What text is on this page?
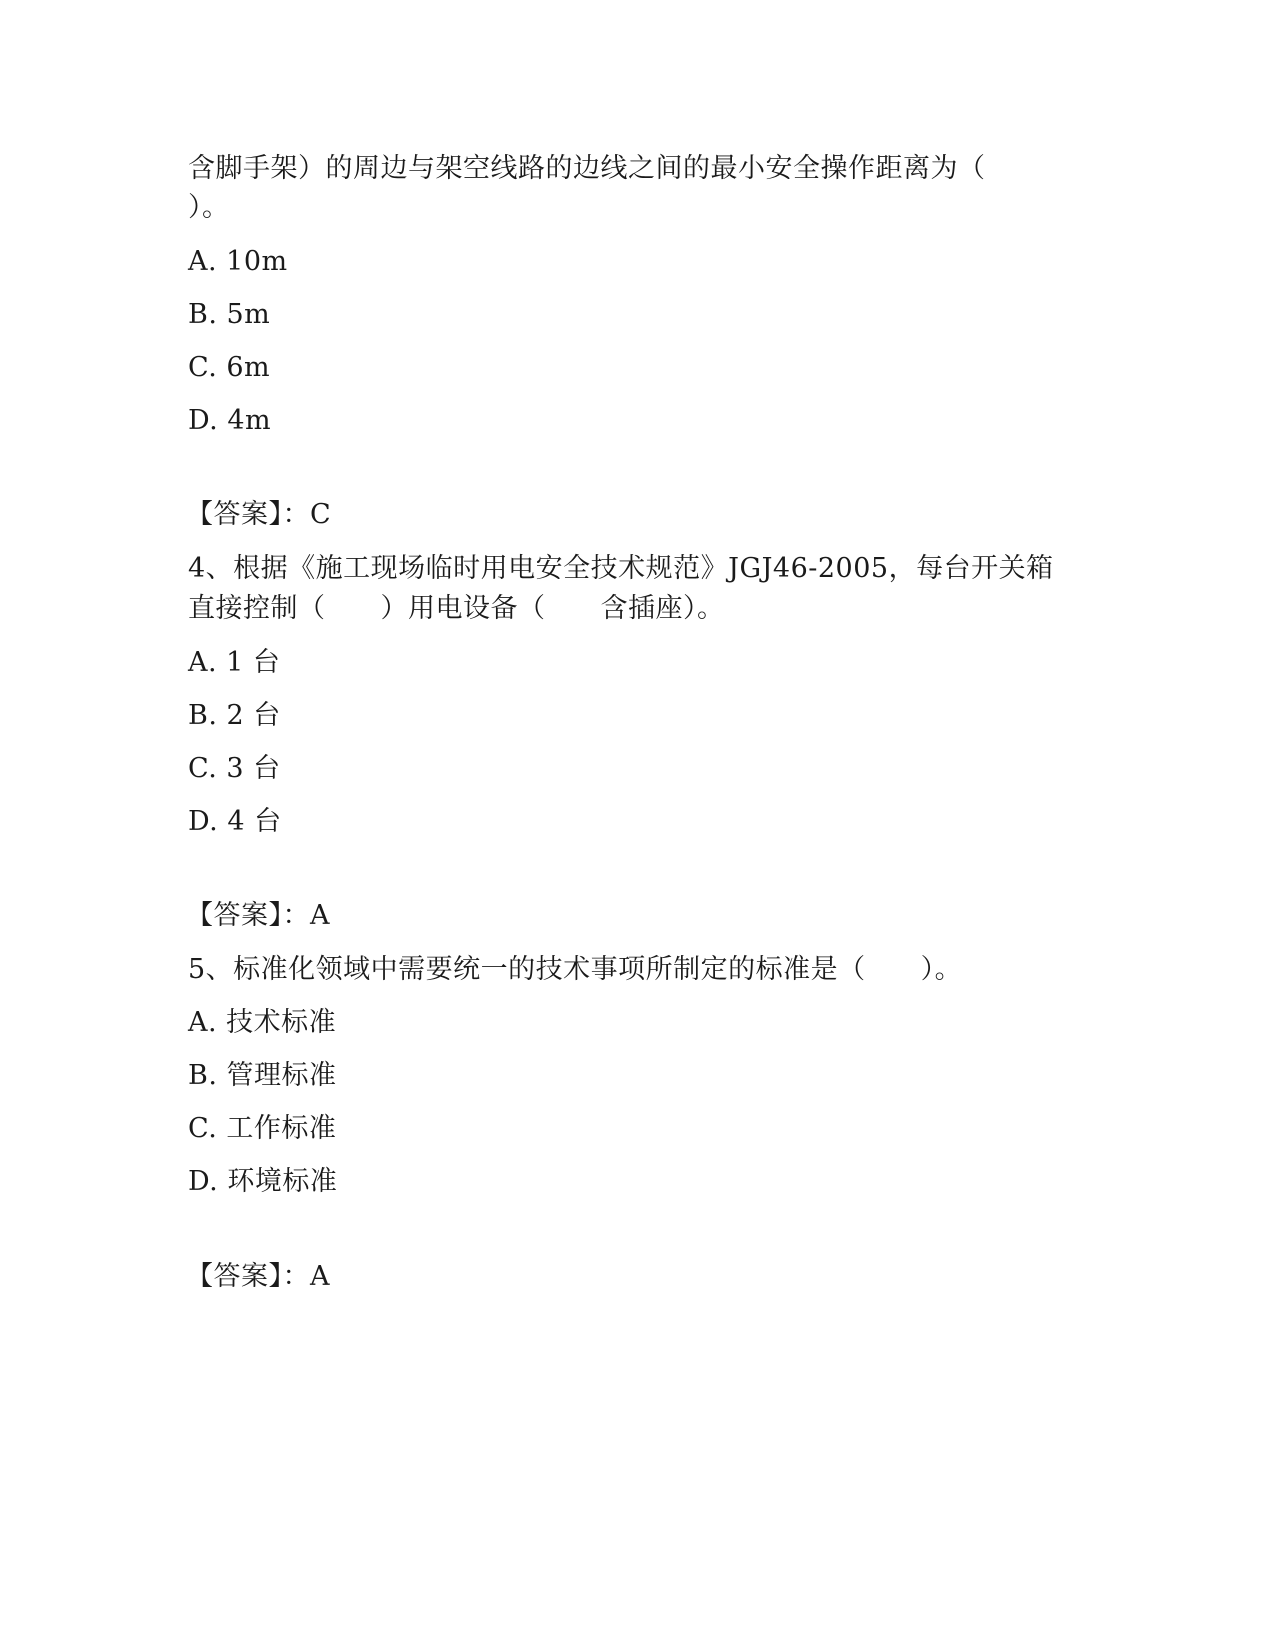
含脚手架）的周边与架空线路的边线之间的最小安全操作距离为（
）。
A. 10m
B. 5m
C. 6m
D. 4m
【答案】：C
4、根据《施工现场临时用电安全技术规范》JGJ46-2005，每台开关箱
直接控制（　　）用电设备（　　含插座）。
A. 1 台
B. 2 台
C. 3 台
D. 4 台
【答案】：A
5、标准化领域中需要统一的技术事项所制定的标准是（　　）。
A. 技术标准
B. 管理标准
C. 工作标准
D. 环境标准
【答案】：A
